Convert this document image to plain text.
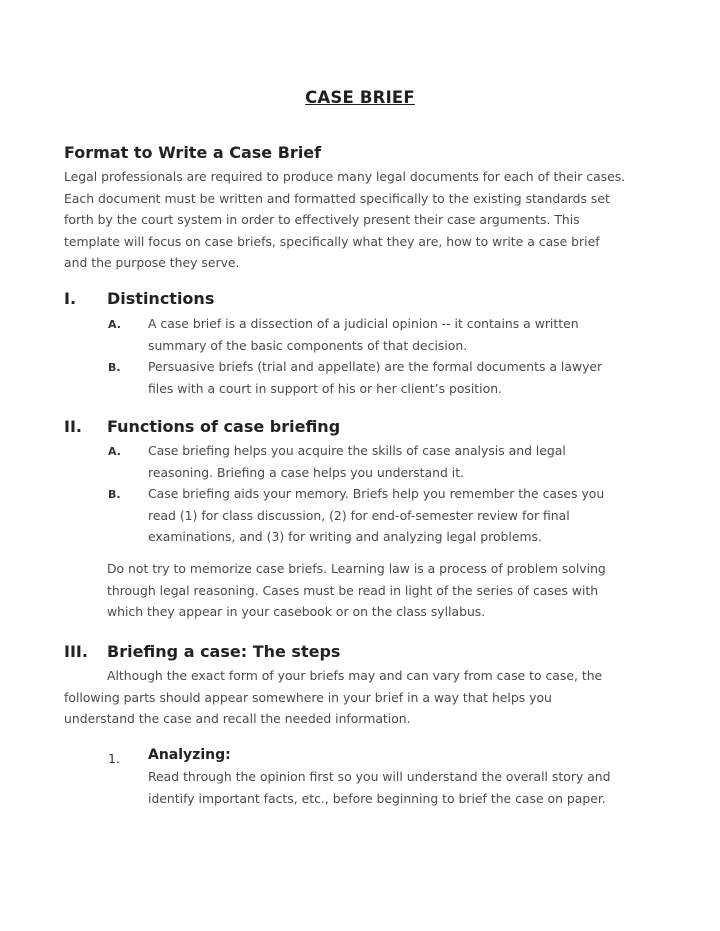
CASE BRIEF
Format to Write a Case Brief
Legal professionals are required to produce many legal documents for each of their cases. Each document must be written and formatted specifically to the existing standards set forth by the court system in order to effectively present their case arguments. This template will focus on case briefs, specifically what they are, how to write a case brief and the purpose they serve.
I. Distinctions
A. A case brief is a dissection of a judicial opinion -- it contains a written summary of the basic components of that decision.
B. Persuasive briefs (trial and appellate) are the formal documents a lawyer files with a court in support of his or her client’s position.
II. Functions of case briefing
A. Case briefing helps you acquire the skills of case analysis and legal reasoning. Briefing a case helps you understand it.
B. Case briefing aids your memory. Briefs help you remember the cases you read (1) for class discussion, (2) for end-of-semester review for final examinations, and (3) for writing and analyzing legal problems.
Do not try to memorize case briefs. Learning law is a process of problem solving through legal reasoning. Cases must be read in light of the series of cases with which they appear in your casebook or on the class syllabus.
III. Briefing a case: The steps
Although the exact form of your briefs may and can vary from case to case, the following parts should appear somewhere in your brief in a way that helps you understand the case and recall the needed information.
1. Analyzing:
Read through the opinion first so you will understand the overall story and identify important facts, etc., before beginning to brief the case on paper.
